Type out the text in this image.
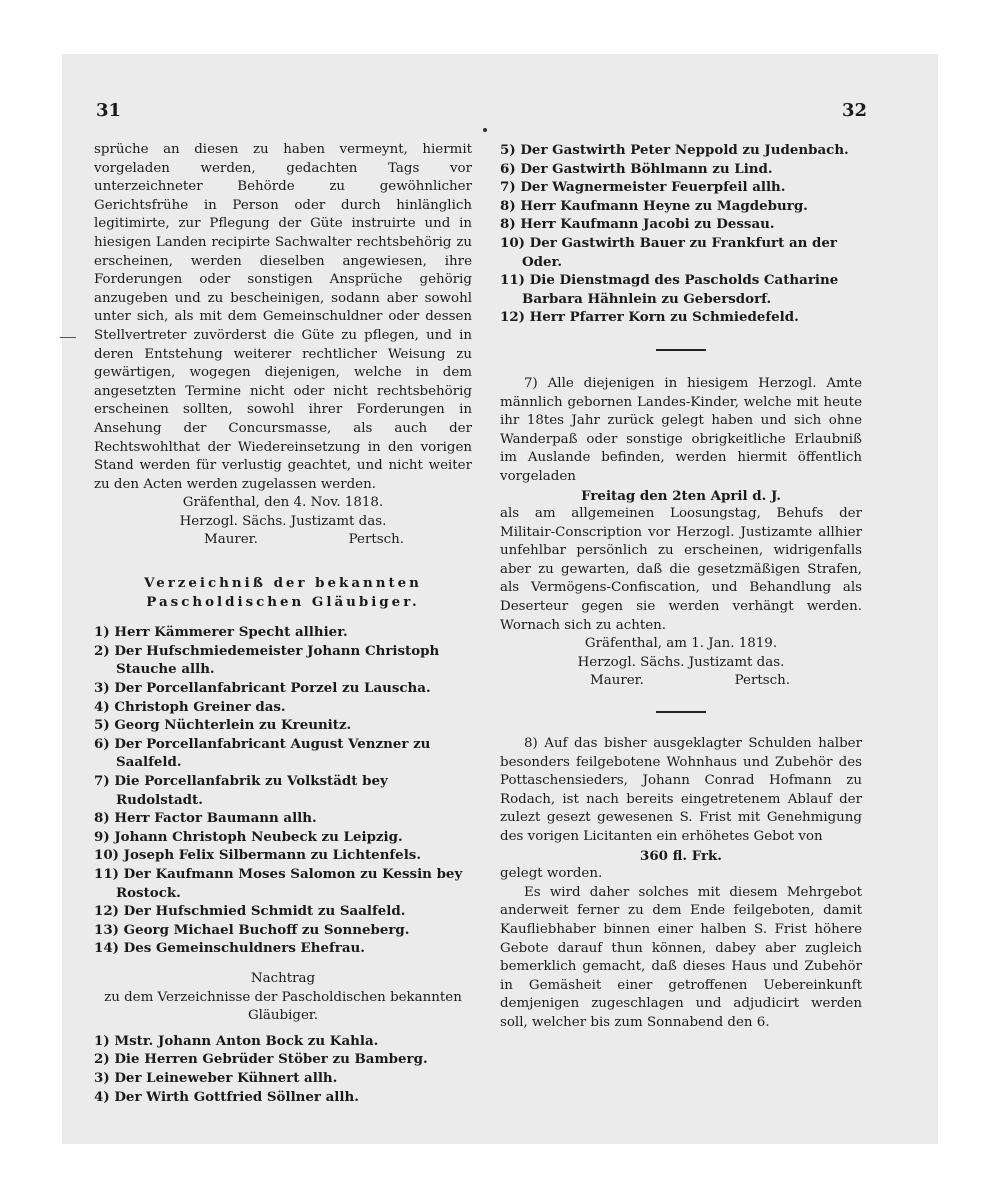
31	32

sprüche an diesen zu haben vermeynt, hiermit vorgeladen werden, gedachten Tags vor unterzeichneter Behörde zu gewöhnlicher Gerichtsfrühe in Person oder durch hinlänglich legitimirte, zur Pflegung der Güte instruirte und in hiesigen Landen recipirte Sachwalter rechtsbehörig zu erscheinen, werden dieselben angewiesen, ihre Forderungen oder sonstigen Ansprüche gehörig anzugeben und zu bescheinigen, sodann aber sowohl unter sich, als mit dem Gemeinschuldner oder dessen Stellvertreter zuvörderst die Güte zu pflegen, und in deren Entstehung weiterer rechtlicher Weisung zu gewärtigen, wogegen diejenigen, welche in dem angesetzten Termine nicht oder nicht rechtsbehörig erscheinen sollten, sowohl ihrer Forderungen in Ansehung der Concursmasse, als auch der Rechtswohlthat der Wiedereinsetzung in den vorigen Stand werden für verlustig geachtet, und nicht weiter zu den Acten werden zugelassen werden.

Gräfenthal, den 4. Nov. 1818.

Herzogl. Sächs. Justizamt das.

Maurer.	Pertsch.

Verzeichniß der bekannten Pascholdischen Gläubiger.

1) Herr Kämmerer Specht allhier.
2) Der Hufschmiedemeister Johann Christoph Stauche allh.
3) Der Porcellanfabricant Porzel zu Lauscha.
4) Christoph Greiner das.
5) Georg Nüchterlein zu Kreunitz.
6) Der Porcellanfabricant August Venzner zu Saalfeld.
7) Die Porcellanfabrik zu Volkstädt bey Rudolstadt.
8) Herr Factor Baumann allh.
9) Johann Christoph Neubeck zu Leipzig.
10) Joseph Felix Silbermann zu Lichtenfels.
11) Der Kaufmann Moses Salomon zu Kessin bey Rostock.
12) Der Hufschmied Schmidt zu Saalfeld.
13) Georg Michael Buchoff zu Sonneberg.
14) Des Gemeinschuldners Ehefrau.

Nachtrag

zu dem Verzeichnisse der Pascholdischen bekannten Gläubiger.

1) Mstr. Johann Anton Bock zu Kahla.
2) Die Herren Gebrüder Stöber zu Bamberg.
3) Der Leineweber Kühnert allh.
4) Der Wirth Gottfried Söllner allh.
5) Der Gastwirth Peter Neppold zu Judenbach.
6) Der Gastwirth Böhlmann zu Lind.
7) Der Wagnermeister Feuerpfeil allh.
8) Herr Kaufmann Heyne zu Magdeburg.
8) Herr Kaufmann Jacobi zu Dessau.
10) Der Gastwirth Bauer zu Frankfurt an der Oder.
11) Die Dienstmagd des Pascholds Catharine Barbara Hähnlein zu Gebersdorf.
12) Herr Pfarrer Korn zu Schmiedefeld.

7) Alle diejenigen in hiesigem Herzogl. Amte männlich gebornen Landes-Kinder, welche mit heute ihr 18tes Jahr zurück gelegt haben und sich ohne Wanderpaß oder sonstige obrigkeitliche Erlaubniß im Auslande befinden, werden hiermit öffentlich vorgeladen

Freitag den 2ten April d. J.

als am allgemeinen Loosungstag, Behufs der Militair-Conscription vor Herzogl. Justizamte allhier unfehlbar persönlich zu erscheinen, widrigenfalls aber zu gewarten, daß die gesetzmäßigen Strafen, als Vermögens-Confiscation, und Behandlung als Deserteur gegen sie werden verhängt werden. Wornach sich zu achten.

Gräfenthal, am 1. Jan. 1819.

Herzogl. Sächs. Justizamt das.

Maurer.	Pertsch.

8) Auf das bisher ausgeklagter Schulden halber besonders feilgebotene Wohnhaus und Zubehör des Pottaschensieders, Johann Conrad Hofmann zu Rodach, ist nach bereits eingetretenem Ablauf der zulezt gesezt gewesenen S. Frist mit Genehmigung des vorigen Licitanten ein erhöhetes Gebot von

360 fl. Frk.

gelegt worden.

Es wird daher solches mit diesem Mehrgebot anderweit ferner zu dem Ende feilgeboten, damit Kaufliebhaber binnen einer halben S. Frist höhere Gebote darauf thun können, dabey aber zugleich bemerklich gemacht, daß dieses Haus und Zubehör in Gemäsheit einer getroffenen Uebereinkunft demjenigen zugeschlagen und adjudicirt werden soll, welcher bis zum Sonnabend den 6.
